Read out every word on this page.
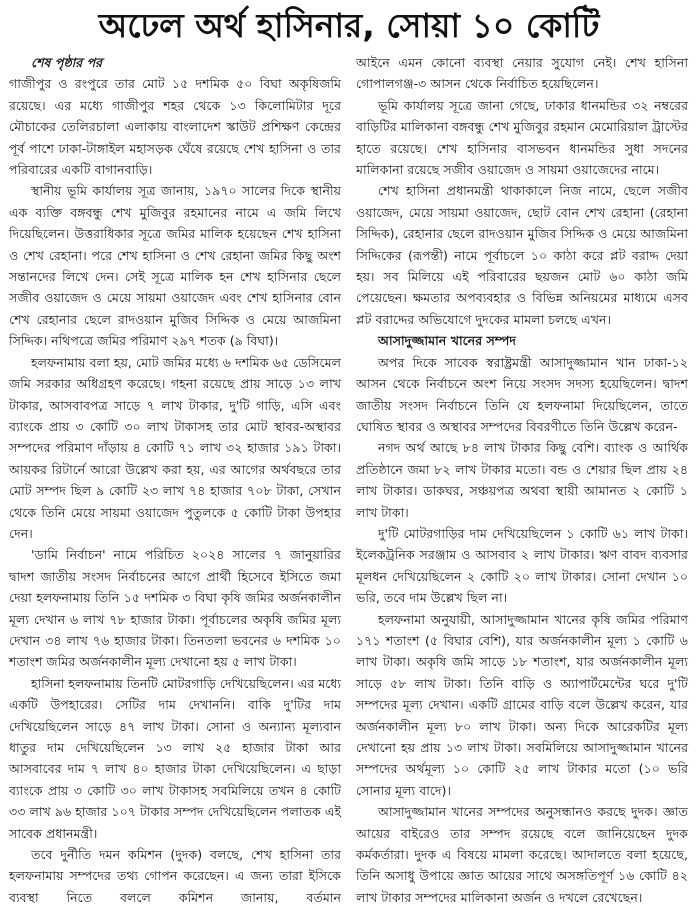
অঢেল অর্থ হাসিনার, সোয়া ১০ কোটি

শেষ পৃষ্ঠার পর

গাজীপুর ও রংপুরে তার মোট ১৫ দশমিক ৫০ বিঘা অকৃষিজমি রয়েছে। এর মধ্যে গাজীপুর শহর থেকে ১৩ কিলোমিটার দূরে মৌচাকের তেলিরচালা এলাকায় বাংলাদেশ স্কাউট প্রশিক্ষণ কেন্দ্রের পূর্ব পাশে ঢাকা-টাঙ্গাইল মহাসড়ক ঘেঁষে রয়েছে শেখ হাসিনা ও তার পরিবারের একটি বাগানবাড়ি।

স্থানীয় ভূমি কার্যালয় সূত্র জানায়, ১৯৭০ সালের দিকে স্থানীয় এক ব্যক্তি বঙ্গবন্ধু শেখ মুজিবুর রহমানের নামে এ জমি লিখে দিয়েছিলেন। উত্তরাধিকার সূত্রে জমির মালিক হয়েছেন শেখ হাসিনা ও শেখ রেহানা। পরে শেখ হাসিনা ও শেখ রেহানা জমির কিছু অংশ সন্তানদের লিখে দেন। সেই সূত্রে মালিক হন শেখ হাসিনার ছেলে সজীব ওয়াজেদ ও মেয়ে সায়মা ওয়াজেদ এবং শেখ হাসিনার বোন শেখ রেহানার ছেলে রাদওয়ান মুজিব সিদ্দিক ও মেয়ে আজমিনা সিদ্দিক। নথিপত্রে জমির পরিমাণ ২৯৭ শতক (৯ বিঘা)।

হলফনামায় বলা হয়, মোট জমির মধ্যে ৬ দশমিক ৬৫ ডেসিমেল জমি সরকার অধিগ্রহণ করেছে। গহনা রয়েছে প্রায় সাড়ে ১৩ লাখ টাকার, আসবাবপত্র সাড়ে ৭ লাখ টাকার, দু'টি গাড়ি, এসি এবং ব্যাংকে প্রায় ৩ কোটি ৩০ লাখ টাকাসহ তার মোট স্থাবর-অস্থাবর সম্পদের পরিমাণ দাঁড়ায় ৪ কোটি ৭১ লাখ ৩২ হাজার ১৯১ টাকা। আয়কর রিটার্নে আরো উল্লেখ করা হয়, এর আগের অর্থবছরে তার মোট সম্পদ ছিল ৯ কোটি ২৩ লাখ ৭৪ হাজার ৭০৮ টাকা, সেখান থেকে তিনি মেয়ে সায়মা ওয়াজেদ পুতুলকে ৫ কোটি টাকা উপহার দেন।

'ডামি নির্বাচন' নামে পরিচিত ২০২৪ সালের ৭ জানুয়ারির দ্বাদশ জাতীয় সংসদ নির্বাচনের আগে প্রার্থী হিসেবে ইসিতে জমা দেয়া হলফনামায় তিনি ১৫ দশমিক ৩ বিঘা কৃষি জমির অর্জনকালীন মূল্য দেখান ৬ লাখ ৭৮ হাজার টাকা। পূর্বাচলের অকৃষি জমির মূল্য দেখান ৩৪ লাখ ৭৬ হাজার টাকা। তিনতলা ভবনের ৬ দশমিক ১০ শতাংশ জমির অর্জনকালীন মূল্য দেখানো হয় ৫ লাখ টাকা।

হাসিনা হলফনামায় তিনটি মোটরগাড়ি দেখিয়েছিলেন। এর মধ্যে একটি উপহারের। সেটির দাম দেখাননি। বাকি দু'টির দাম দেখিয়েছিলেন সাড়ে ৪৭ লাখ টাকা। সোনা ও অন্যান্য মূল্যবান ধাতুর দাম দেখিয়েছিলেন ১৩ লাখ ২৫ হাজার টাকা আর আসবাবের দাম ৭ লাখ ৪০ হাজার টাকা দেখিয়েছিলেন। এ ছাড়া ব্যাংকে প্রায় ৩ কোটি ৩০ লাখ টাকাসহ সবমিলিয়ে তখন ৪ কোটি ৩৩ লাখ ৯৬ হাজার ১০৭ টাকার সম্পদ দেখিয়েছিলেন পলাতক এই সাবেক প্রধানমন্ত্রী।

তবে দুর্নীতি দমন কমিশন (দুদক) বলছে, শেখ হাসিনা তার হলফনামায় সম্পদের তথ্য গোপন করেছেন। এ জন্য তারা ইসিকে ব্যবস্থা নিতে বললে কমিশন জানায়, বর্তমান

আইনে এমন কোনো ব্যবস্থা নেয়ার সুযোগ নেই। শেখ হাসিনা গোপালগঞ্জ-৩ আসন থেকে নির্বাচিত হয়েছিলেন।

ভূমি কার্যালয় সূত্রে জানা গেছে, ঢাকার ধানমন্ডির ৩২ নম্বরের বাড়িটির মালিকানা বঙ্গবন্ধু শেখ মুজিবুর রহমান মেমোরিয়াল ট্রাস্টের হাতে রয়েছে। শেখ হাসিনার বাসভবন ধানমন্ডির সুধা সদনের মালিকানা রয়েছে সজীব ওয়াজেদ ও সায়মা ওয়াজেদের নামে।

শেখ হাসিনা প্রধানমন্ত্রী থাকাকালে নিজ নামে, ছেলে সজীব ওয়াজেদ, মেয়ে সায়মা ওয়াজেদ, ছোট বোন শেখ রেহানা (রেহানা সিদ্দিক), রেহানার ছেলে রাদওয়ান মুজিব সিদ্দিক ও মেয়ে আজমিনা সিদ্দিকের (রূপন্তী) নামে পূর্বাচলে ১০ কাঠা করে প্লট বরাদ্দ দেয়া হয়। সব মিলিয়ে এই পরিবারের ছয়জন মোট ৬০ কাঠা জমি পেয়েছেন। ক্ষমতার অপব্যবহার ও বিভিন্ন অনিয়মের মাধ্যমে এসব প্লট বরাদ্দের অভিযোগে দুদকের মামলা চলছে এখন।

আসাদুজ্জামান খানের সম্পদ

অপর দিকে সাবেক স্বরাষ্ট্রমন্ত্রী আসাদুজ্জামান খান ঢাকা-১২ আসন থেকে নির্বাচনে অংশ নিয়ে সংসদ সদস্য হয়েছিলেন। দ্বাদশ জাতীয় সংসদ নির্বাচনে তিনি যে হলফনামা দিয়েছিলেন, তাতে ঘোষিত স্থাবর ও অস্থাবর সম্পদের বিবরণীতে তিনি উল্লেখ করেন-

নগদ অর্থ আছে ৮৪ লাখ টাকার কিছু বেশি। ব্যাংক ও আর্থিক প্রতিষ্ঠানে জমা ৮২ লাখ টাকার মতো। বন্ড ও শেয়ার ছিল প্রায় ২৪ লাখ টাকার। ডাকঘর, সঞ্চয়পত্র অথবা স্থায়ী আমানত ২ কোটি ১ লাখ টাকা।

দু'টি মোটরগাড়ির দাম দেখিয়েছিলেন ১ কোটি ৬১ লাখ টাকা। ইলেকট্রনিক সরঞ্জাম ও আসবাব ২ লাখ টাকার। ঋণ বাবদ ব্যবসার মূলধন দেখিয়েছিলেন ২ কোটি ২০ লাখ টাকার। সোনা দেখান ১০ ভরি, তবে দাম উল্লেখ ছিল না।

হলফনামা অনুযায়ী, আসাদুজ্জামান খানের কৃষি জমির পরিমাণ ১৭১ শতাংশ (৫ বিঘার বেশি), যার অর্জনকালীন মূল্য ১ কোটি ৬ লাখ টাকা। অকৃষি জমি সাড়ে ১৮ শতাংশ, যার অর্জনকালীন মূল্য সাড়ে ৫৮ লাখ টাকা। তিনি বাড়ি ও অ্যাপার্টমেন্টের ঘরে দু'টি সম্পদের মূল্য দেখান। একটি গ্রামের বাড়ি বলে উল্লেখ করেন, যার অর্জনকালীন মূল্য ৮০ লাখ টাকা। অন্য দিকে আরেকটির মূল্য দেখানো হয় প্রায় ১৩ লাখ টাকা। সবমিলিয়ে আসাদুজ্জামান খানের সম্পদের অর্থমূল্য ১০ কোটি ২৫ লাখ টাকার মতো (১০ ভরি সোনার মূল্য বাদে)।

আসাদুজ্জামান খানের সম্পদের অনুসন্ধানও করছে দুদক। জ্ঞাত আয়ের বাইরেও তার সম্পদ রয়েছে বলে জানিয়েছেন দুদক কর্মকর্তারা। দুদক এ বিষয়ে মামলা করেছে। আদালতে বলা হয়েছে, তিনি অসাধু উপায়ে জ্ঞাত আয়ের সাথে অসঙ্গতিপূর্ণ ১৬ কোটি ৪২ লাখ টাকার সম্পদের মালিকানা অর্জন ও দখলে রেখেছেন।
